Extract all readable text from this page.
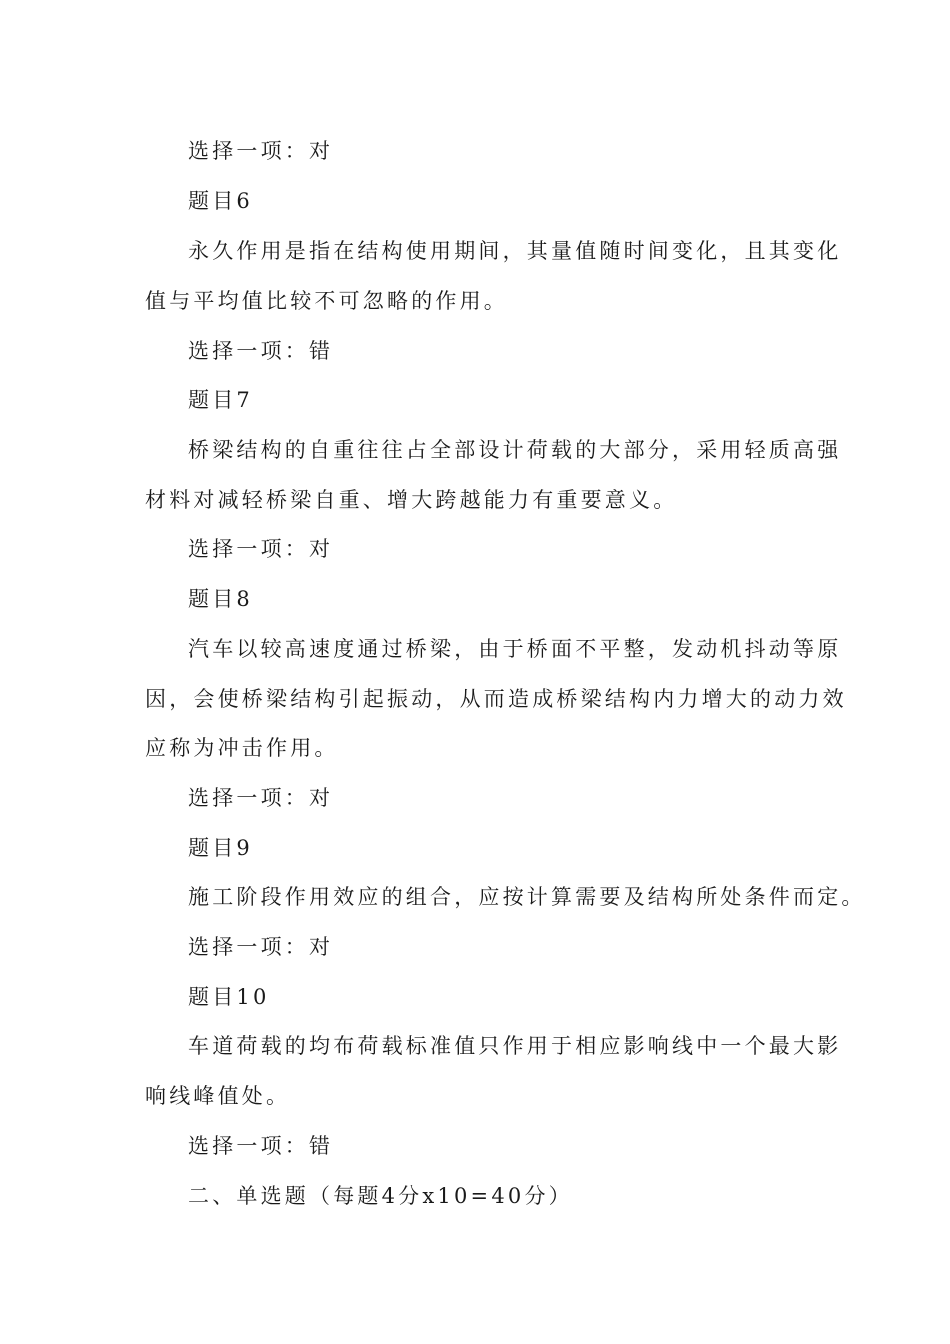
选择一项：对
题目6
永久作用是指在结构使用期间，其量值随时间变化，且其变化
值与平均值比较不可忽略的作用。
选择一项：错
题目7
桥梁结构的自重往往占全部设计荷载的大部分，采用轻质高强
材料对减轻桥梁自重、增大跨越能力有重要意义。
选择一项：对
题目8
汽车以较高速度通过桥梁，由于桥面不平整，发动机抖动等原
因，会使桥梁结构引起振动，从而造成桥梁结构内力增大的动力效
应称为冲击作用。
选择一项：对
题目9
施工阶段作用效应的组合，应按计算需要及结构所处条件而定。
选择一项：对
题目10
车道荷载的均布荷载标准值只作用于相应影响线中一个最大影
响线峰值处。
选择一项：错
二、单选题（每题4分x10=40分）
